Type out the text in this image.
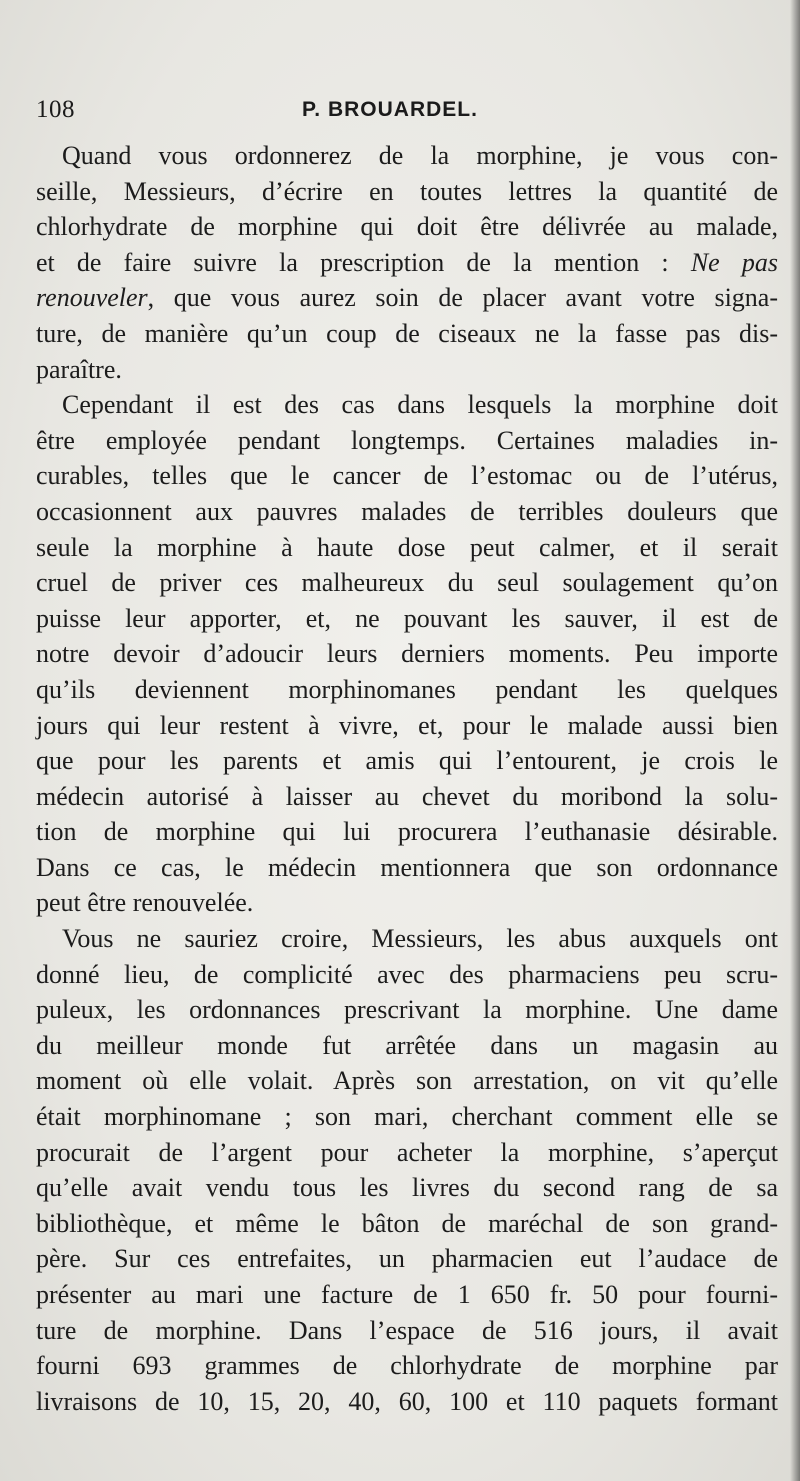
108	P. BROUARDEL.
Quand vous ordonnerez de la morphine, je vous con-
seille, Messieurs, d’écrire en toutes lettres la quantité de
chlorhydrate de morphine qui doit être délivrée au malade,
et de faire suivre la prescription de la mention : Ne pas
renouveler, que vous aurez soin de placer avant votre signa-
ture, de manière qu’un coup de ciseaux ne la fasse pas dis-
paraître.
Cependant il est des cas dans lesquels la morphine doit
être employée pendant longtemps. Certaines maladies in-
curables, telles que le cancer de l’estomac ou de l’utérus,
occasionnent aux pauvres malades de terribles douleurs que
seule la morphine à haute dose peut calmer, et il serait
cruel de priver ces malheureux du seul soulagement qu’on
puisse leur apporter, et, ne pouvant les sauver, il est de
notre devoir d’adoucir leurs derniers moments. Peu importe
qu’ils deviennent morphinomanes pendant les quelques
jours qui leur restent à vivre, et, pour le malade aussi bien
que pour les parents et amis qui l’entourent, je crois le
médecin autorisé à laisser au chevet du moribond la solu-
tion de morphine qui lui procurera l’euthanasie désirable.
Dans ce cas, le médecin mentionnera que son ordonnance
peut être renouvelée.
Vous ne sauriez croire, Messieurs, les abus auxquels ont
donné lieu, de complicité avec des pharmaciens peu scru-
puleux, les ordonnances prescrivant la morphine. Une dame
du meilleur monde fut arrêtée dans un magasin au
moment où elle volait. Après son arrestation, on vit qu’elle
était morphinomane ; son mari, cherchant comment elle se
procurait de l’argent pour acheter la morphine, s’aperçut
qu’elle avait vendu tous les livres du second rang de sa
bibliothèque, et même le bâton de maréchal de son grand-
père. Sur ces entrefaites, un pharmacien eut l’audace de
présenter au mari une facture de 1 650 fr. 50 pour fourni-
ture de morphine. Dans l’espace de 516 jours, il avait
fourni 693 grammes de chlorhydrate de morphine par
livraisons de 10, 15, 20, 40, 60, 100 et 110 paquets formant
